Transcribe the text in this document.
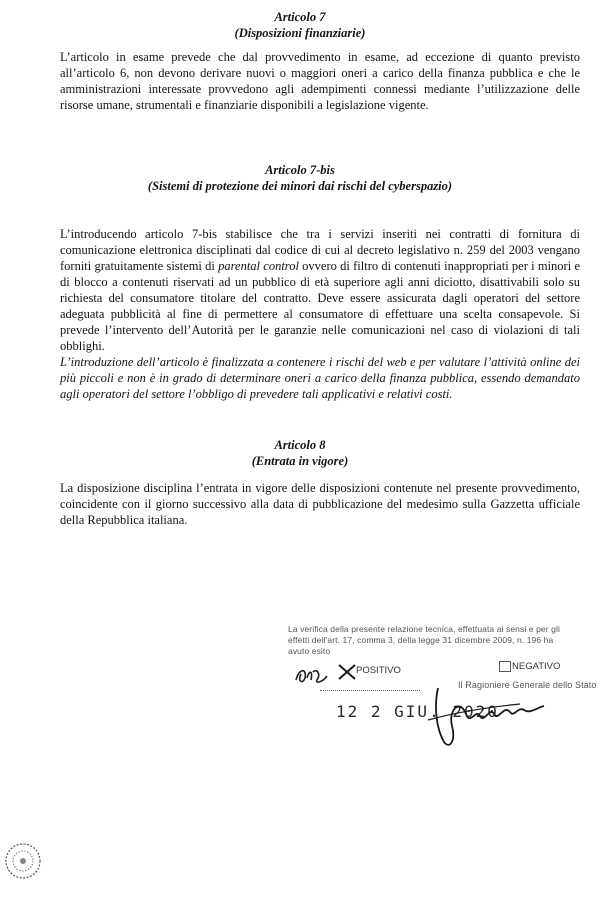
Articolo 7
(Disposizioni finanziarie)
L’articolo in esame prevede che dal provvedimento in esame, ad eccezione di quanto previsto all’articolo 6, non devono derivare nuovi o maggiori oneri a carico della finanza pubblica e che le amministrazioni interessate provvedono agli adempimenti connessi mediante l’utilizzazione delle risorse umane, strumentali e finanziarie disponibili a legislazione vigente.
Articolo 7-bis
(Sistemi di protezione dei minori dai rischi del cyberspazio)
L’introducendo articolo 7-bis stabilisce che tra i servizi inseriti nei contratti di fornitura di comunicazione elettronica disciplinati dal codice di cui al decreto legislativo n. 259 del 2003 vengano forniti gratuitamente sistemi di parental control ovvero di filtro di contenuti inappropriati per i minori e di blocco a contenuti riservati ad un pubblico di età superiore agli anni diciotto, disattivabili solo su richiesta del consumatore titolare del contratto. Deve essere assicurata dagli operatori del settore adeguata pubblicità al fine di permettere al consumatore di effettuare una scelta consapevole. Si prevede l’intervento dell’Autorità per le garanzie nelle comunicazioni nel caso di violazioni di tali obblighi.
L’introduzione dell’articolo è finalizzata a contenere i rischi del web e per valutare l’attività online dei più piccoli e non è in grado di determinare oneri a carico della finanza pubblica, essendo demandato agli operatori del settore l’obbligo di prevedere tali applicativi e relativi costi.
Articolo 8
(Entrata in vigore)
La disposizione disciplina l’entrata in vigore delle disposizioni contenute nel presente provvedimento, coincidente con il giorno successivo alla data di pubblicazione del medesimo sulla Gazzetta ufficiale della Repubblica italiana.
La verifica della presente relazione tecnica, effettuata ai sensi e per gli
effetti dell’art. 17, comma 3, della legge 31 dicembre 2009, n. 196 ha
avuto esito
POSITIVO	NEGATIVO
Il Ragioniere Generale dello Stato
12 2 GIU. 2020
